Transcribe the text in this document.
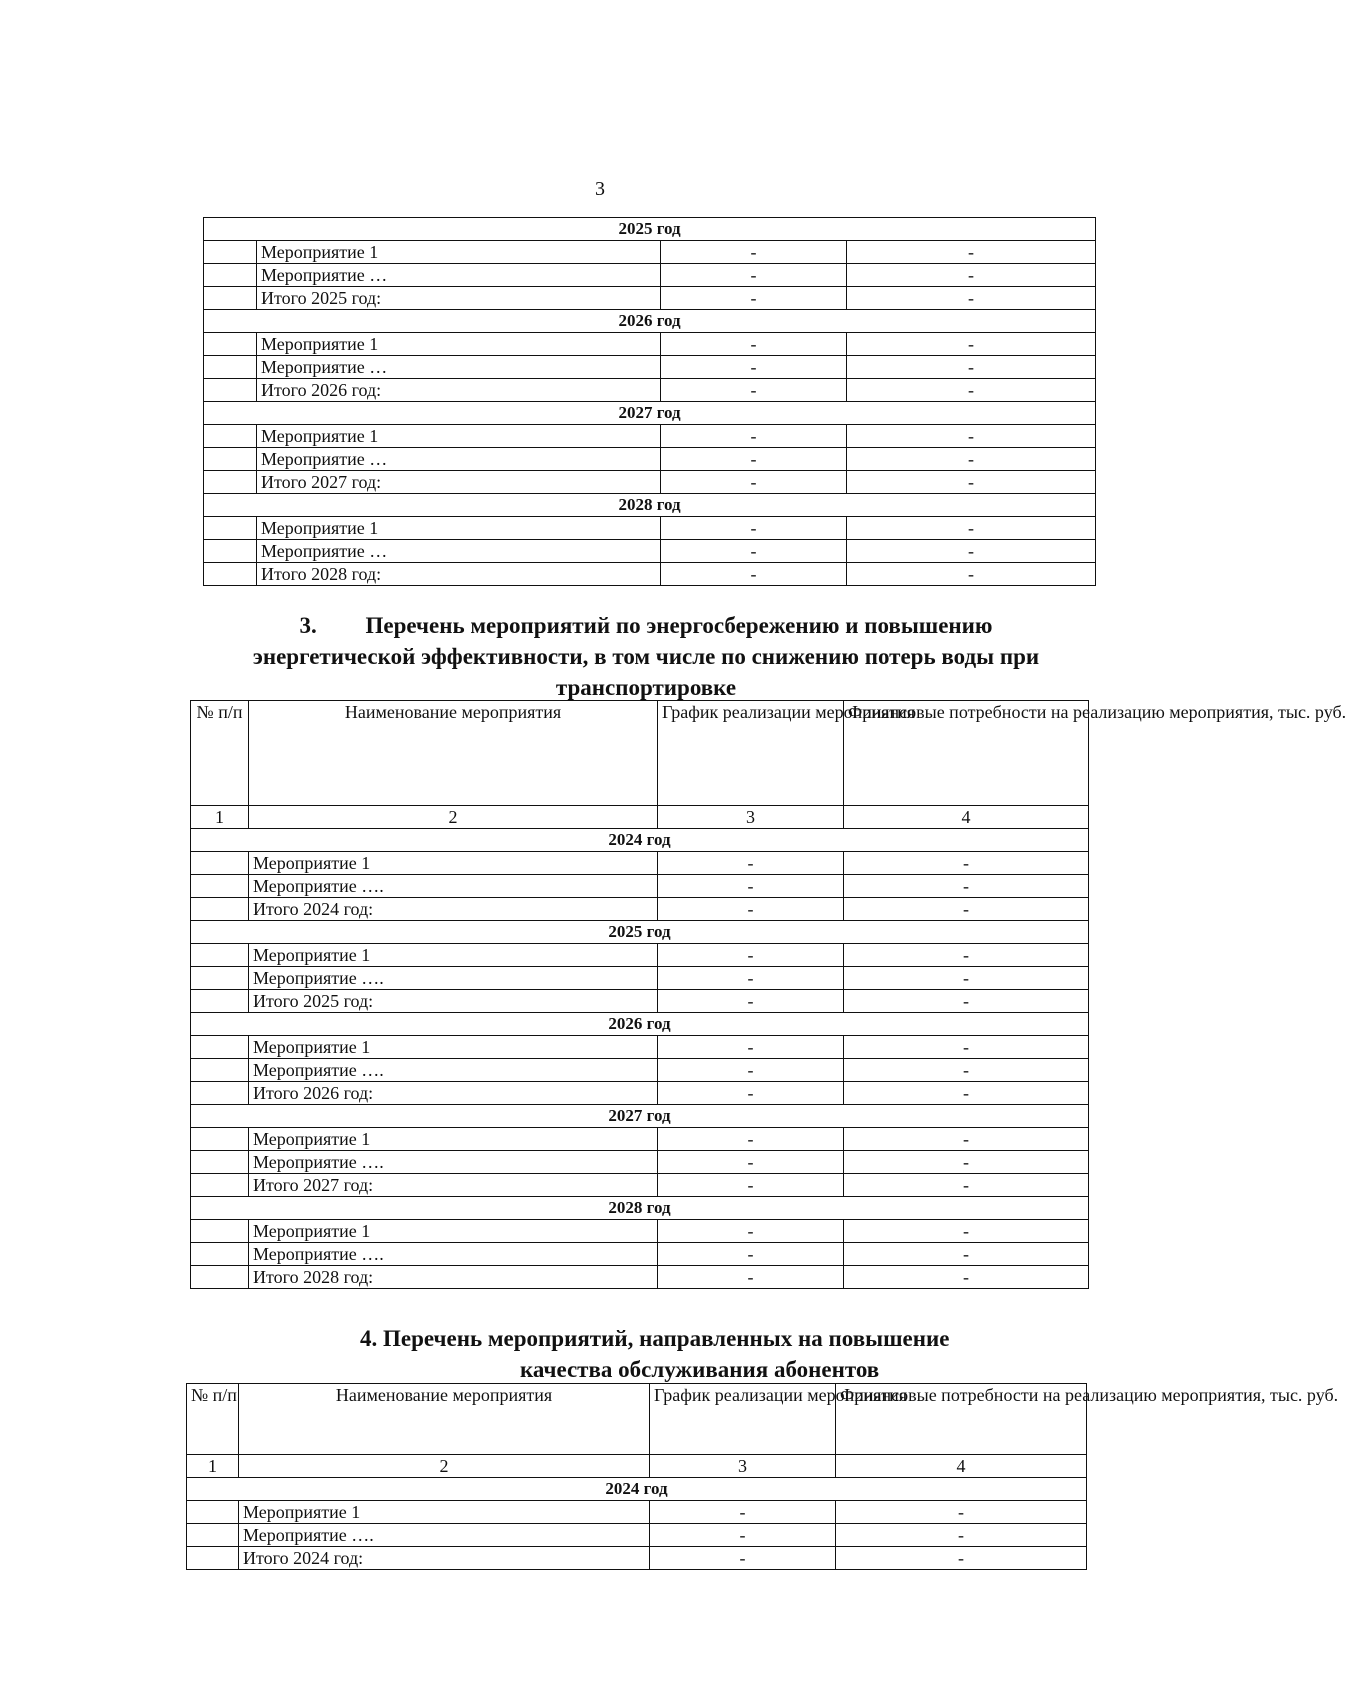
3
2025 год			
	Мероприятие 1	-	-
	Мероприятие …	-	-
	Итого 2025 год:	-	-
2026 год			
	Мероприятие 1	-	-
	Мероприятие …	-	-
	Итого 2026 год:	-	-
2027 год			
	Мероприятие 1	-	-
	Мероприятие …	-	-
	Итого 2027 год:	-	-
2028 год			
	Мероприятие 1	-	-
	Мероприятие …	-	-
	Итого 2028 год:	-	-
3. Перечень мероприятий по энергосбережению и повышению
энергетической эффективности, в том числе по снижению потерь воды при
транспортировке
№ п/п	Наименование мероприятия	График реализации мероприятия	Финансовые потребности на реализацию мероприятия, тыс. руб.
1	2	3	4
2024 год			
	Мероприятие 1	-	-
	Мероприятие ….	-	-
	Итого 2024 год:	-	-
2025 год			
	Мероприятие 1	-	-
	Мероприятие ….	-	-
	Итого 2025 год:	-	-
2026 год			
	Мероприятие 1	-	-
	Мероприятие ….	-	-
	Итого 2026 год:	-	-
2027 год			
	Мероприятие 1	-	-
	Мероприятие ….	-	-
	Итого 2027 год:	-	-
2028 год			
	Мероприятие 1	-	-
	Мероприятие ….	-	-
	Итого 2028 год:	-	-
4. Перечень мероприятий, направленных на повышение
качества обслуживания абонентов
№ п/п	Наименование мероприятия	График реализации мероприятия	Финансовые потребности на реализацию мероприятия, тыс. руб.
1	2	3	4
2024 год			
	Мероприятие 1	-	-
	Мероприятие ….	-	-
	Итого 2024 год:	-	-
